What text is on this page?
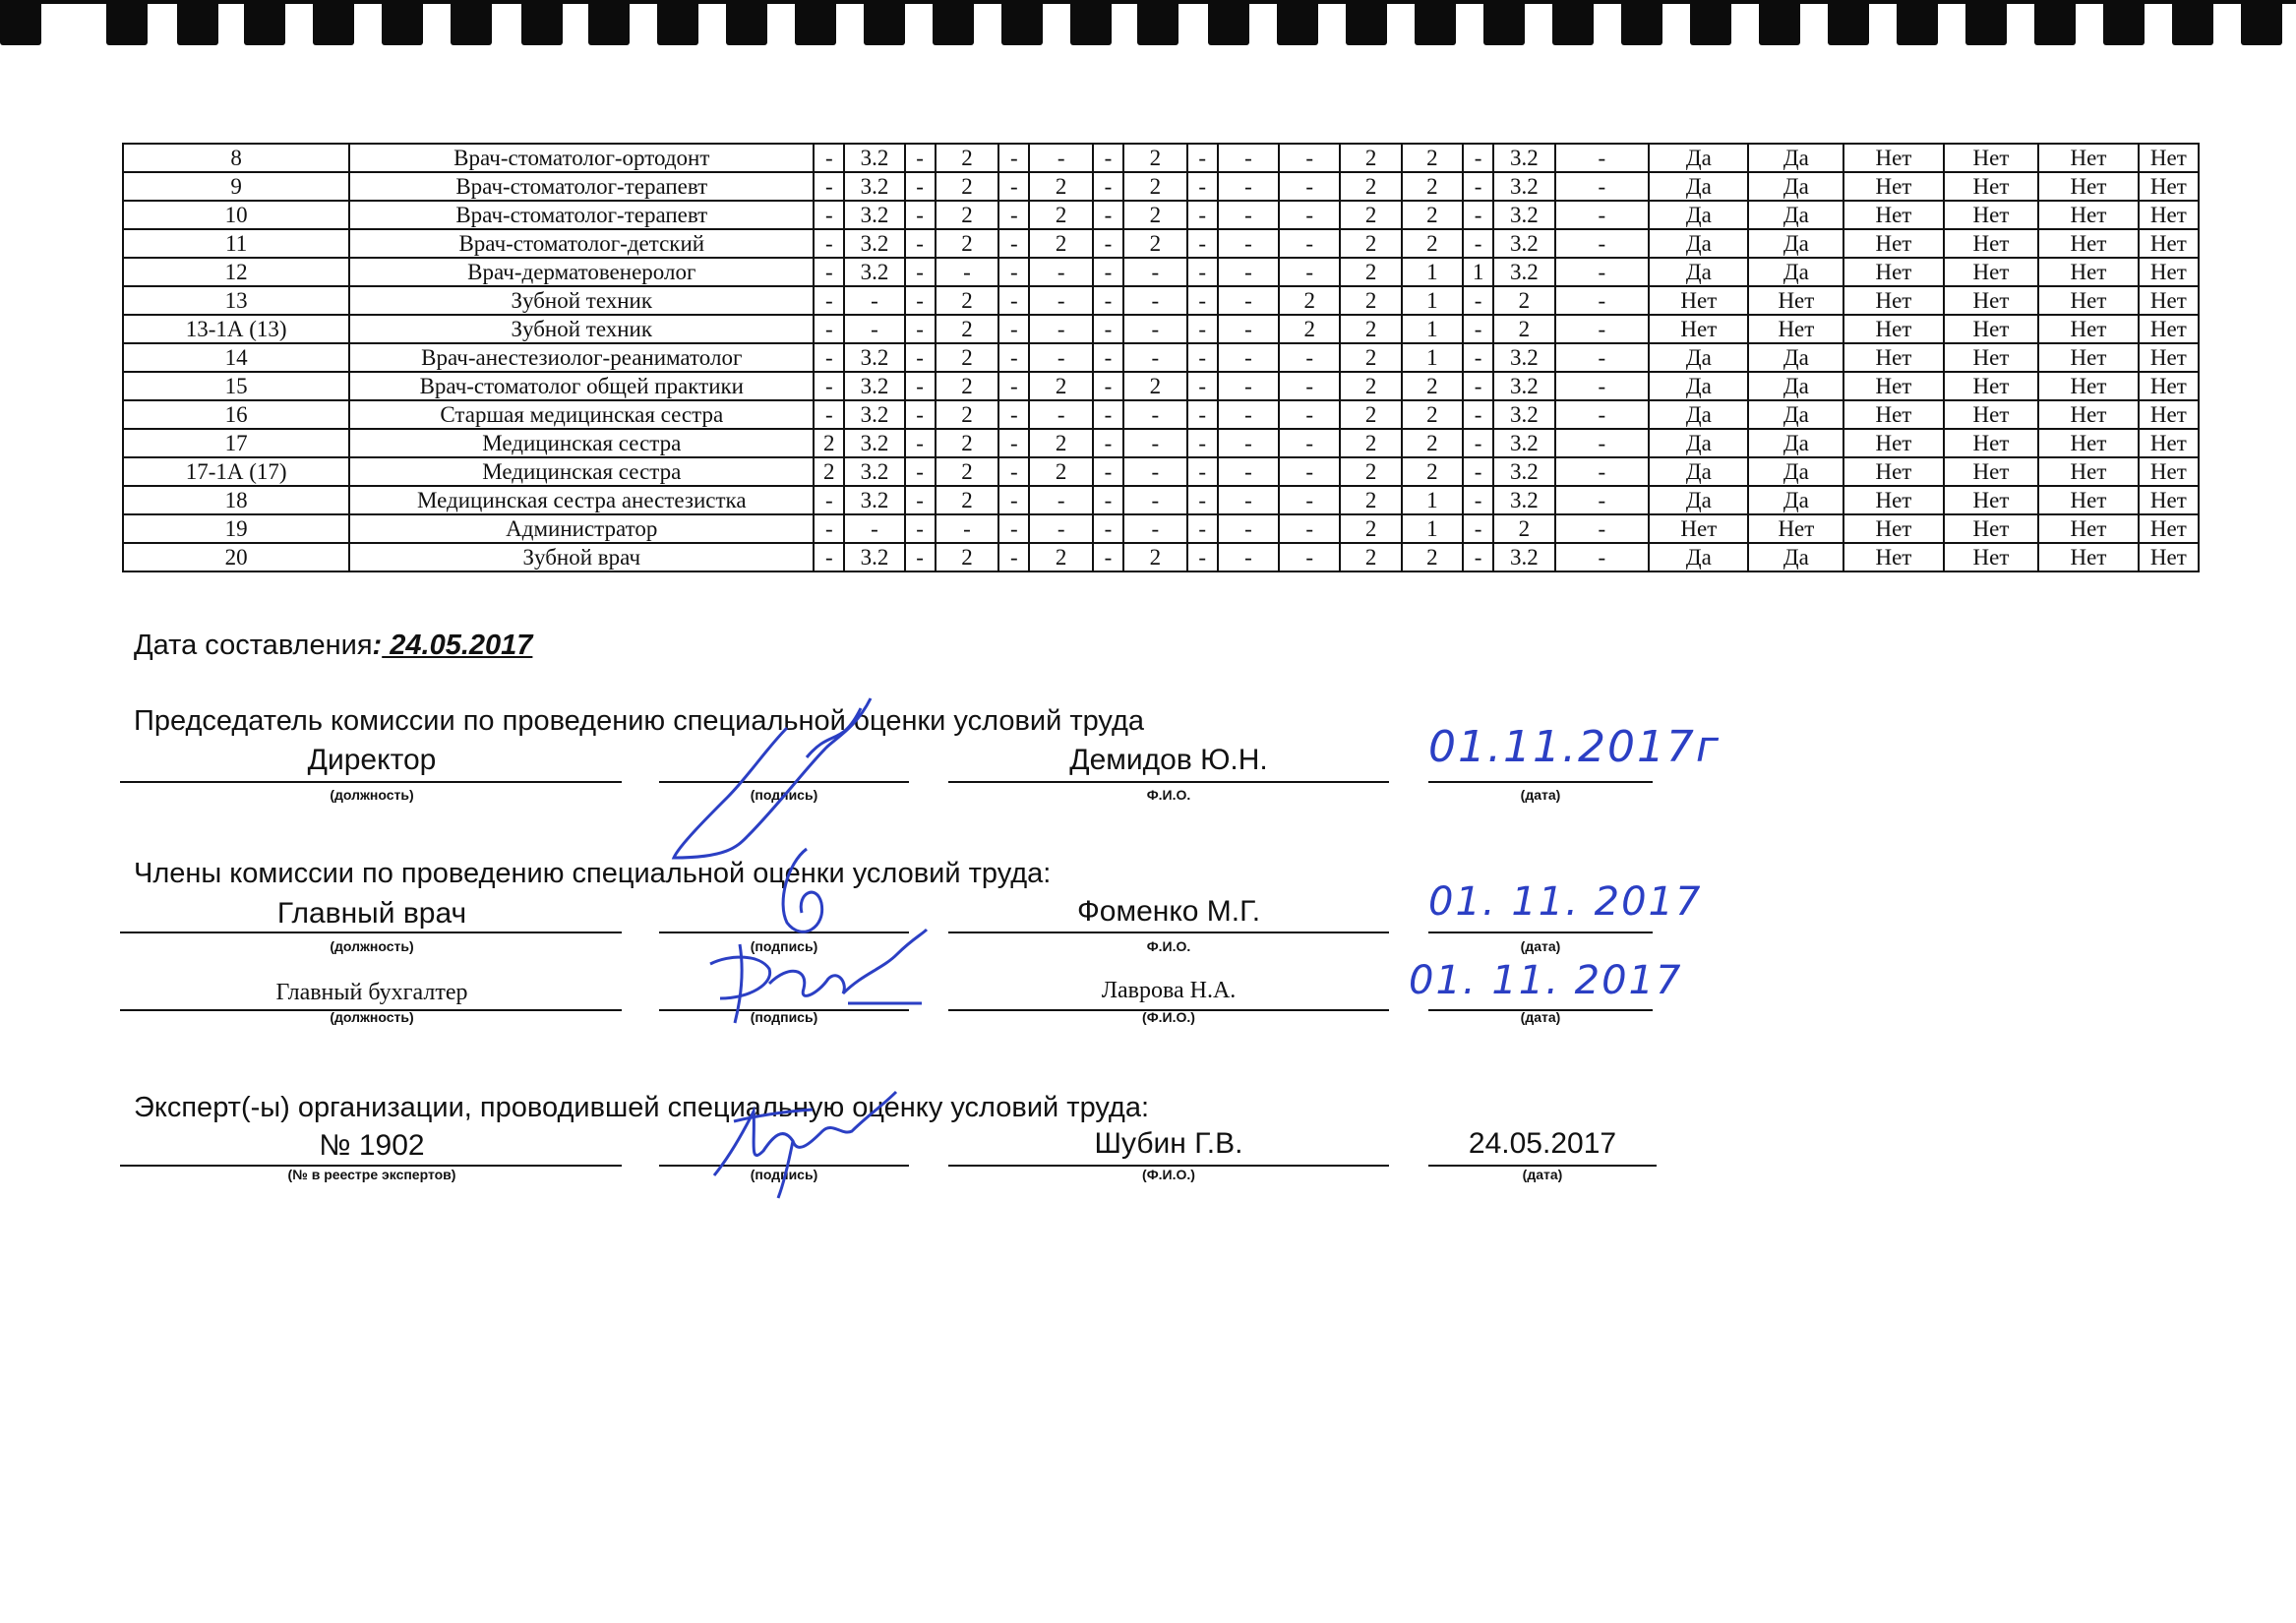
8	Врач-стоматолог-ортодонт	-	3.2	-	2	-	-	-	2	-	-	-	2	2	-	3.2	-	Да	Да	Нет	Нет	Нет	Нет
9	Врач-стоматолог-терапевт	-	3.2	-	2	-	2	-	2	-	-	-	2	2	-	3.2	-	Да	Да	Нет	Нет	Нет	Нет
10	Врач-стоматолог-терапевт	-	3.2	-	2	-	2	-	2	-	-	-	2	2	-	3.2	-	Да	Да	Нет	Нет	Нет	Нет
11	Врач-стоматолог-детский	-	3.2	-	2	-	2	-	2	-	-	-	2	2	-	3.2	-	Да	Да	Нет	Нет	Нет	Нет
12	Врач-дерматовенеролог	-	3.2	-	-	-	-	-	-	-	-	-	2	1	1	3.2	-	Да	Да	Нет	Нет	Нет	Нет
13	Зубной техник	-	-	-	2	-	-	-	-	-	-	2	2	1	-	2	-	Нет	Нет	Нет	Нет	Нет	Нет
13-1А (13)	Зубной техник	-	-	-	2	-	-	-	-	-	-	2	2	1	-	2	-	Нет	Нет	Нет	Нет	Нет	Нет
14	Врач-анестезиолог-реаниматолог	-	3.2	-	2	-	-	-	-	-	-	-	2	1	-	3.2	-	Да	Да	Нет	Нет	Нет	Нет
15	Врач-стоматолог общей практики	-	3.2	-	2	-	2	-	2	-	-	-	2	2	-	3.2	-	Да	Да	Нет	Нет	Нет	Нет
16	Старшая медицинская сестра	-	3.2	-	2	-	-	-	-	-	-	-	2	2	-	3.2	-	Да	Да	Нет	Нет	Нет	Нет
17	Медицинская сестра	2	3.2	-	2	-	2	-	-	-	-	-	2	2	-	3.2	-	Да	Да	Нет	Нет	Нет	Нет
17-1А (17)	Медицинская сестра	2	3.2	-	2	-	2	-	-	-	-	-	2	2	-	3.2	-	Да	Да	Нет	Нет	Нет	Нет
18	Медицинская сестра анестезистка	-	3.2	-	2	-	-	-	-	-	-	-	2	1	-	3.2	-	Да	Да	Нет	Нет	Нет	Нет
19	Администратор	-	-	-	-	-	-	-	-	-	-	-	2	1	-	2	-	Нет	Нет	Нет	Нет	Нет	Нет
20	Зубной врач	-	3.2	-	2	-	2	-	2	-	-	-	2	2	-	3.2	-	Да	Да	Нет	Нет	Нет	Нет
Дата составления: 24.05.2017
Председатель комиссии по проведению специальной оценки условий труда
Директор	Демидов Ю.Н.	01.11.2017г
(должность)	(подпись)	Ф.И.О.	(дата)
Члены комиссии по проведению специальной оценки условий труда:
Главный врач	Фоменко М.Г.	01. 11. 2017
(должность)	(подпись)	Ф.И.О.	(дата)
Главный бухгалтер	Лаврова Н.А.	01. 11. 2017
(должность)	(подпись)	(Ф.И.О.)	(дата)
Эксперт(-ы) организации, проводившей специальную оценку условий труда:
№ 1902	Шубин Г.В.	24.05.2017
(№ в реестре экспертов)	(подпись)	(Ф.И.О.)	(дата)
